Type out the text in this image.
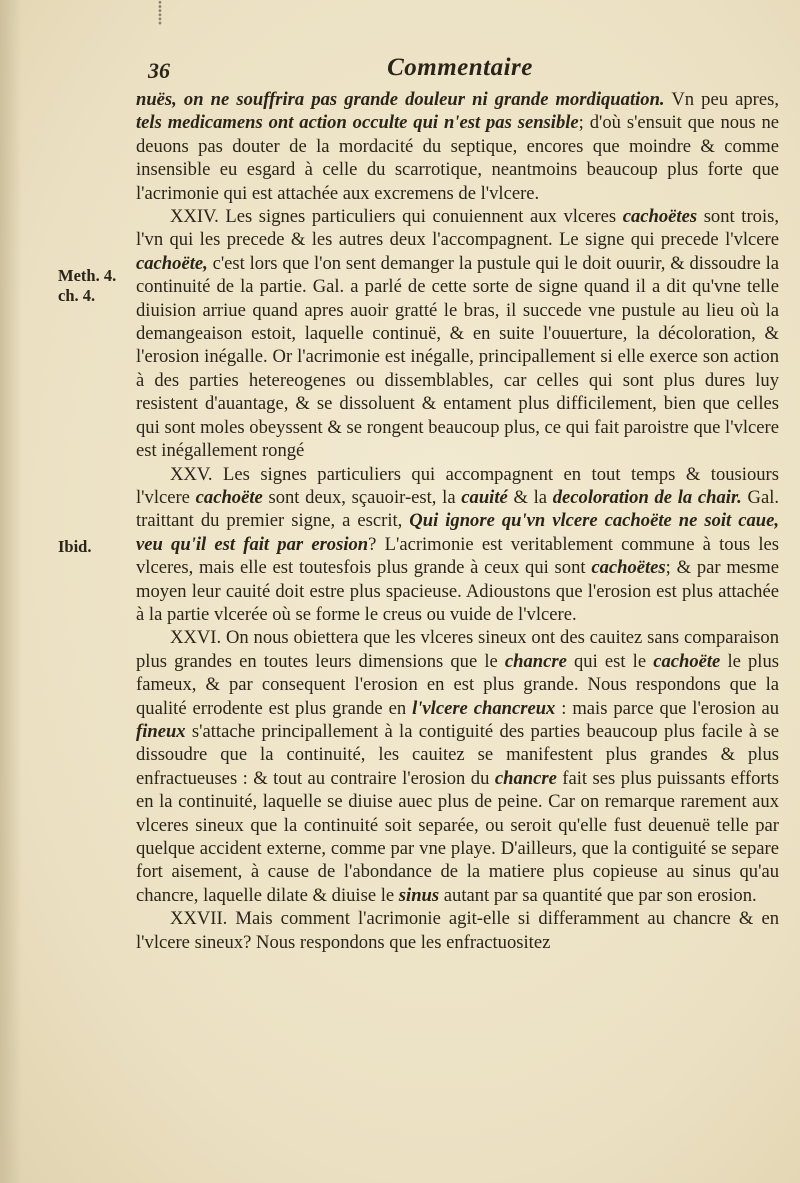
⸽
36	Commentaire
Meth. 4. ch. 4.
Ibid.

nuës, on ne souffrira pas grande douleur ni grande mordiquation. Vn peu apres, tels medicamens ont action occulte qui n'est pas sensible; d'où s'ensuit que nous ne deuons pas douter de la mordacité du septique, encores que moindre & comme insensible eu esgard à celle du scarrotique, neantmoins beaucoup plus forte que l'acrimonie qui est attachée aux excremens de l'vlcere.

XXIV. Les signes particuliers qui conuiennent aux vlceres cachoëtes sont trois, l'vn qui les precede & les autres deux l'accompagnent. Le signe qui precede l'vlcere cachoëte, c'est lors que l'on sent demanger la pustule qui le doit ouurir, & dissoudre la continuité de la partie. Gal. a parlé de cette sorte de signe quand il a dit qu'vne telle diuision arriue quand apres auoir gratté le bras, il succede vne pustule au lieu où la demangeaison estoit, laquelle continuë, & en suite l'ouuerture, la décoloration, & l'erosion inégalle. Or l'acrimonie est inégalle, principallement si elle exerce son action à des parties hetereogenes ou dissemblables, car celles qui sont plus dures luy resistent d'auantage, & se dissoluent & entament plus difficilement, bien que celles qui sont moles obeyssent & se rongent beaucoup plus, ce qui fait paroistre que l'vlcere est inégallement rongé

XXV. Les signes particuliers qui accompagnent en tout temps & tousiours l'vlcere cachoëte sont deux, sçauoir-est, la cauité & la decoloration de la chair. Gal. traittant du premier signe, a escrit, Qui ignore qu'vn vlcere cachoëte ne soit caue, veu qu'il est fait par erosion? L'acrimonie est veritablement commune à tous les vlceres, mais elle est toutesfois plus grande à ceux qui sont cachoëtes; & par mesme moyen leur cauité doit estre plus spacieuse. Adioustons que l'erosion est plus attachée à la partie vlcerée où se forme le creus ou vuide de l'vlcere.

XXVI. On nous obiettera que les vlceres sineux ont des cauitez sans comparaison plus grandes en toutes leurs dimensions que le chancre qui est le cachoëte le plus fameux, & par consequent l'erosion en est plus grande. Nous respondons que la qualité errodente est plus grande en l'vlcere chancreux : mais parce que l'erosion au fineux s'attache principallement à la contiguité des parties beaucoup plus facile à se dissoudre que la continuité, les cauitez se manifestent plus grandes & plus enfractueuses : & tout au contraire l'erosion du chancre fait ses plus puissants efforts en la continuité, laquelle se diuise auec plus de peine. Car on remarque rarement aux vlceres sineux que la continuité soit separée, ou seroit qu'elle fust deuenuë telle par quelque accident externe, comme par vne playe. D'ailleurs, que la contiguité se separe fort aisement, à cause de l'abondance de la matiere plus copieuse au sinus qu'au chancre, laquelle dilate & diuise le sinus autant par sa quantité que par son erosion.

XXVII. Mais comment l'acrimonie agit-elle si differamment au chancre & en l'vlcere sineux? Nous respondons que les enfractuositez
